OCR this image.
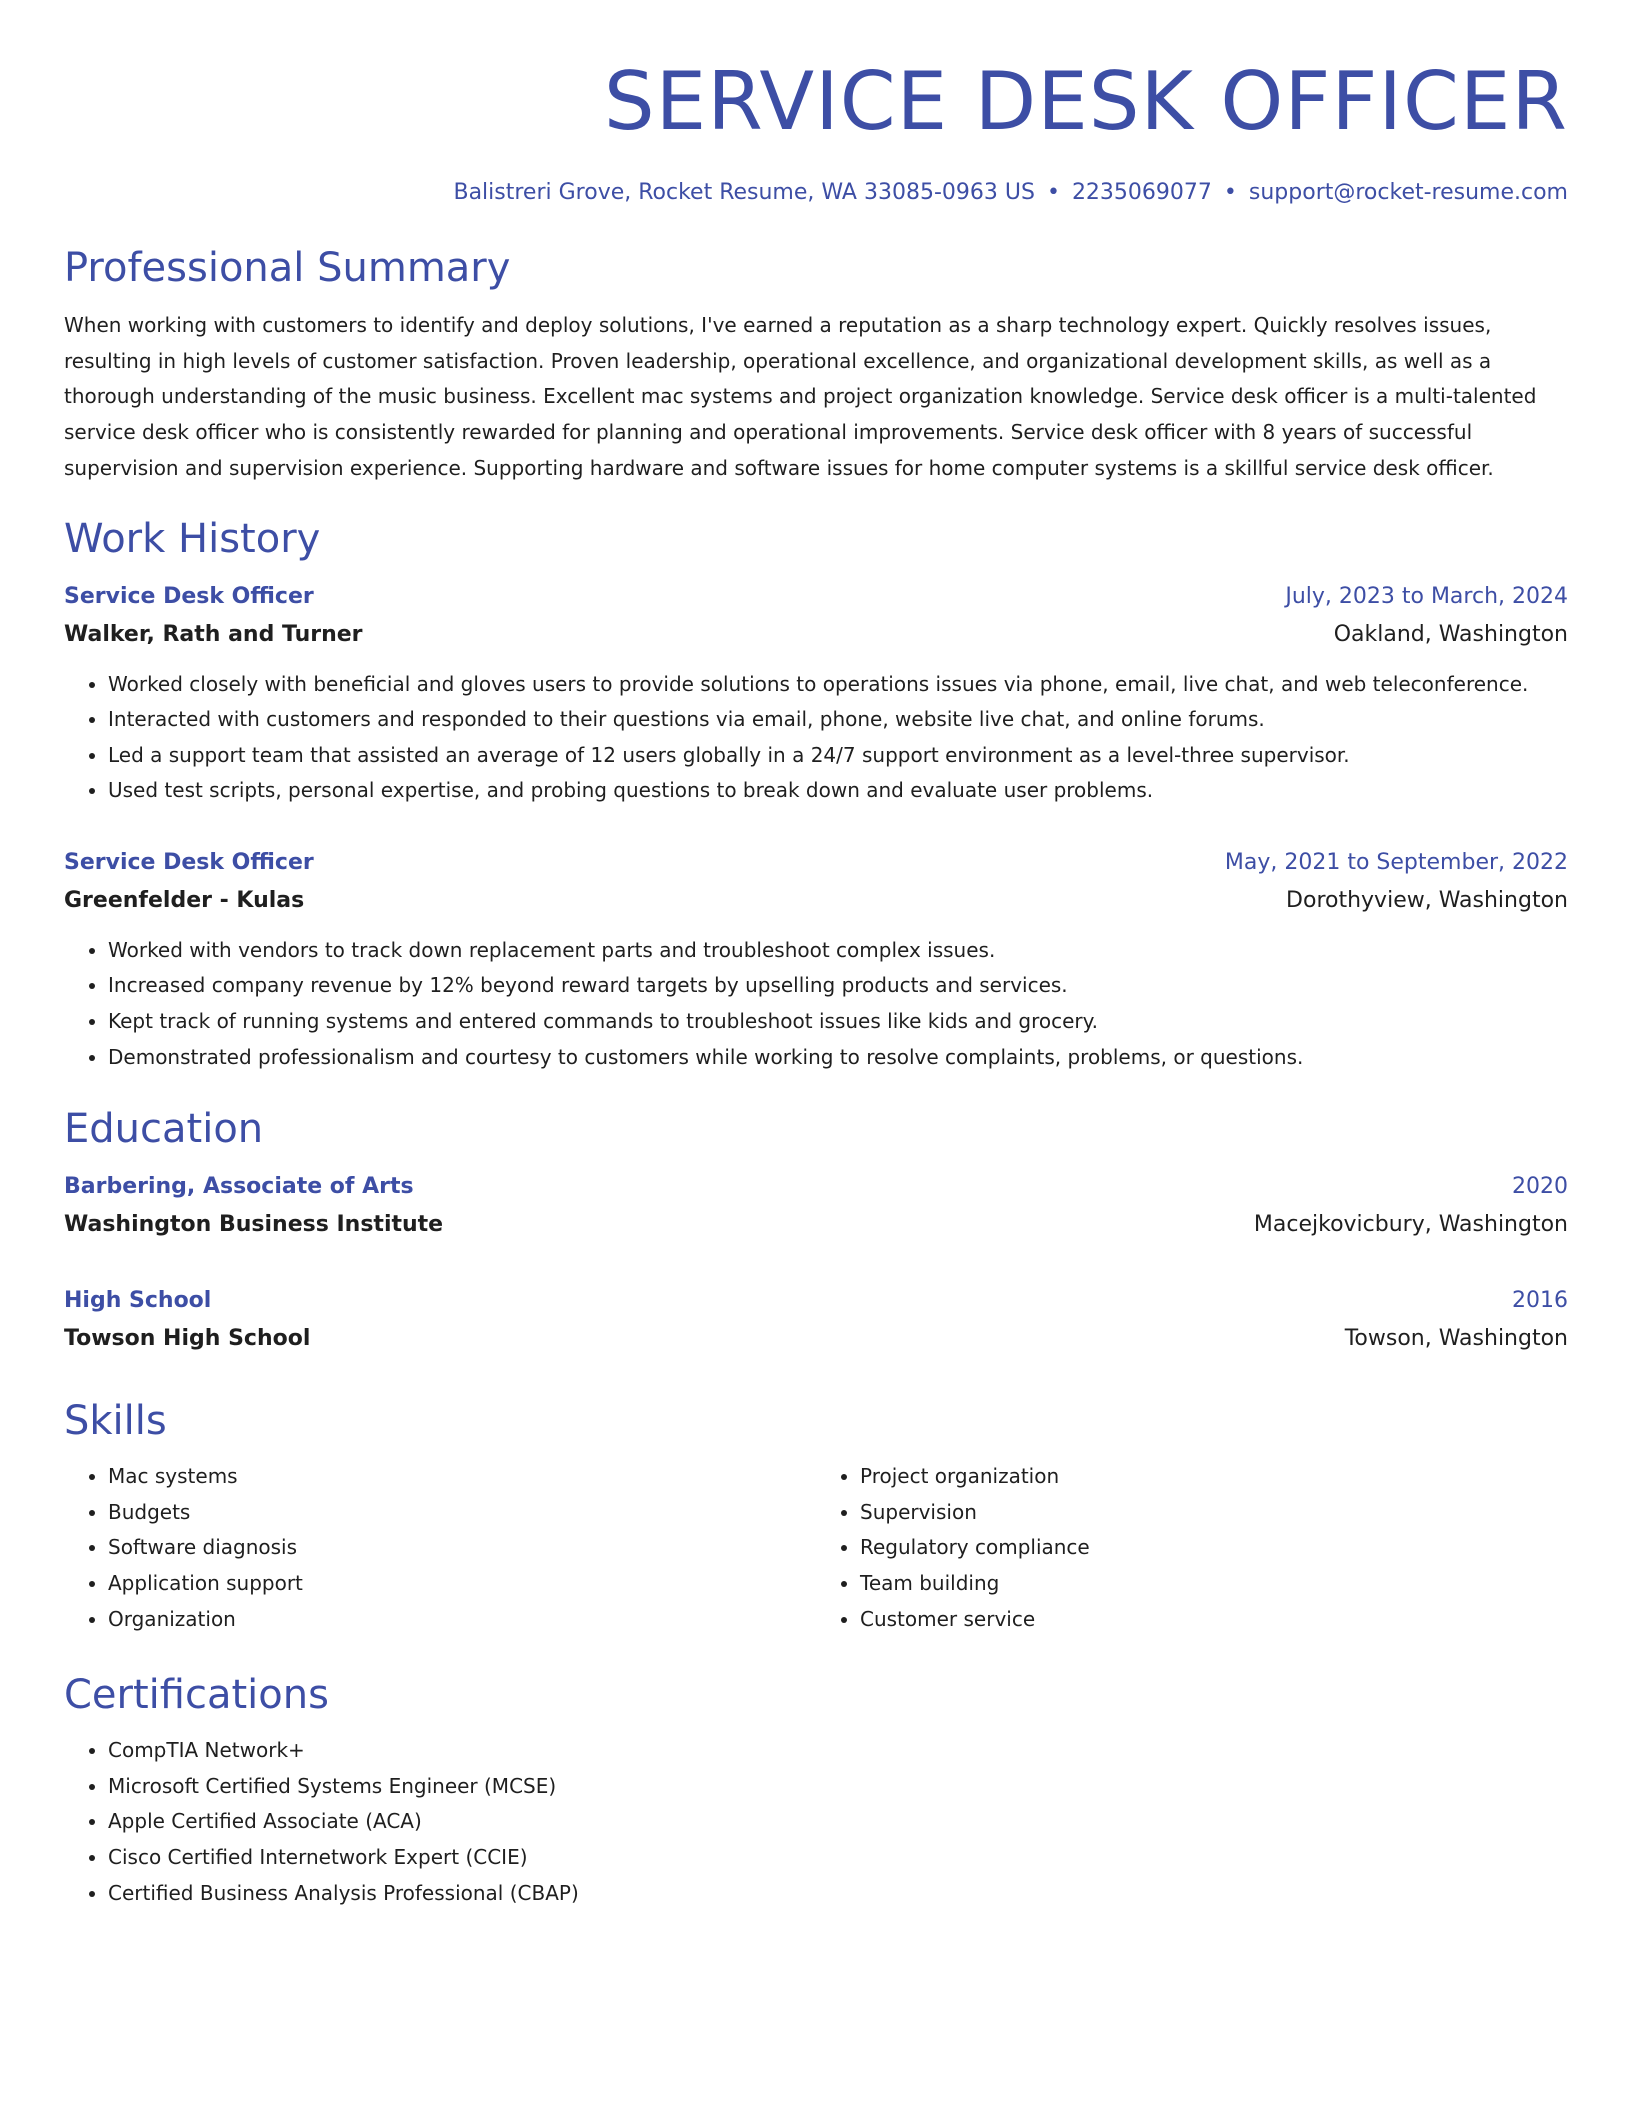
SERVICE DESK OFFICER
Balistreri Grove, Rocket Resume, WA 33085-0963 US • 2235069077 • support@rocket-resume.com
Professional Summary

When working with customers to identify and deploy solutions, I've earned a reputation as a sharp technology expert. Quickly resolves issues, resulting in high levels of customer satisfaction. Proven leadership, operational excellence, and organizational development skills, as well as a thorough understanding of the music business. Excellent mac systems and project organization knowledge. Service desk officer is a multi-talented service desk officer who is consistently rewarded for planning and operational improvements. Service desk officer with 8 years of successful supervision and supervision experience. Supporting hardware and software issues for home computer systems is a skillful service desk officer.

Work History
Service Desk Officer	July, 2023 to March, 2024
Walker, Rath and Turner	Oakland, Washington
• Worked closely with beneficial and gloves users to provide solutions to operations issues via phone, email, live chat, and web teleconference.
• Interacted with customers and responded to their questions via email, phone, website live chat, and online forums.
• Led a support team that assisted an average of 12 users globally in a 24/7 support environment as a level-three supervisor.
• Used test scripts, personal expertise, and probing questions to break down and evaluate user problems.
Service Desk Officer	May, 2021 to September, 2022
Greenfelder - Kulas	Dorothyview, Washington
• Worked with vendors to track down replacement parts and troubleshoot complex issues.
• Increased company revenue by 12% beyond reward targets by upselling products and services.
• Kept track of running systems and entered commands to troubleshoot issues like kids and grocery.
• Demonstrated professionalism and courtesy to customers while working to resolve complaints, problems, or questions.
Education
Barbering, Associate of Arts	2020
Washington Business Institute	Macejkovicbury, Washington
High School	2016
Towson High School	Towson, Washington
Skills
• Mac systems
• Budgets
• Software diagnosis
• Application support
• Organization
• Project organization
• Supervision
• Regulatory compliance
• Team building
• Customer service
Certifications
• CompTIA Network+
• Microsoft Certified Systems Engineer (MCSE)
• Apple Certified Associate (ACA)
• Cisco Certified Internetwork Expert (CCIE)
• Certified Business Analysis Professional (CBAP)
